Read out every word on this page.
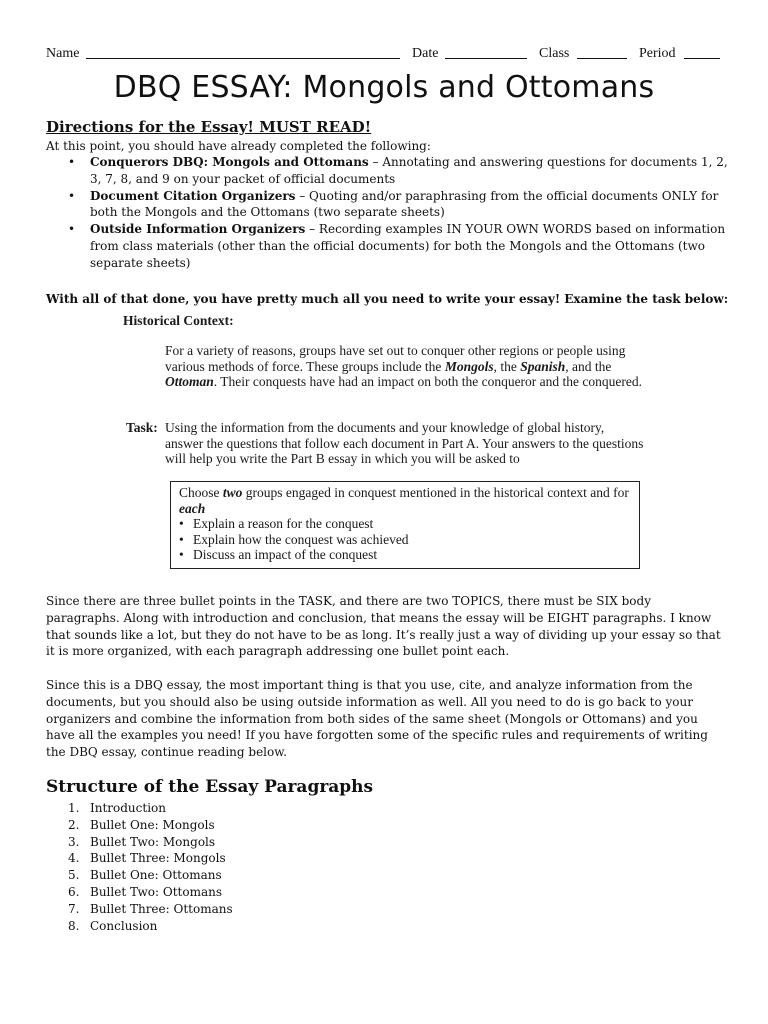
Name	Date	Class	Period
DBQ ESSAY: Mongols and Ottomans
Directions for the Essay! MUST READ!
At this point, you should have already completed the following:
• Conquerors DBQ: Mongols and Ottomans – Annotating and answering questions for documents 1, 2, 3, 7, 8, and 9 on your packet of official documents
• Document Citation Organizers – Quoting and/or paraphrasing from the official documents ONLY for both the Mongols and the Ottomans (two separate sheets)
• Outside Information Organizers – Recording examples IN YOUR OWN WORDS based on information from class materials (other than the official documents) for both the Mongols and the Ottomans (two separate sheets)
With all of that done, you have pretty much all you need to write your essay! Examine the task below:
Historical Context:
For a variety of reasons, groups have set out to conquer other regions or people using various methods of force. These groups include the Mongols, the Spanish, and the Ottoman. Their conquests have had an impact on both the conqueror and the conquered.
Task: Using the information from the documents and your knowledge of global history, answer the questions that follow each document in Part A. Your answers to the questions will help you write the Part B essay in which you will be asked to

Choose two groups engaged in conquest mentioned in the historical context and for each

• Explain a reason for the conquest
• Explain how the conquest was achieved
• Discuss an impact of the conquest
Since there are three bullet points in the TASK, and there are two TOPICS, there must be SIX body paragraphs. Along with introduction and conclusion, that means the essay will be EIGHT paragraphs. I know that sounds like a lot, but they do not have to be as long. It’s really just a way of dividing up your essay so that it is more organized, with each paragraph addressing one bullet point each.
Since this is a DBQ essay, the most important thing is that you use, cite, and analyze information from the documents, but you should also be using outside information as well. All you need to do is go back to your organizers and combine the information from both sides of the same sheet (Mongols or Ottomans) and you have all the examples you need! If you have forgotten some of the specific rules and requirements of writing the DBQ essay, continue reading below.
Structure of the Essay Paragraphs
1. Introduction
2. Bullet One: Mongols
3. Bullet Two: Mongols
4. Bullet Three: Mongols
5. Bullet One: Ottomans
6. Bullet Two: Ottomans
7. Bullet Three: Ottomans
8. Conclusion
